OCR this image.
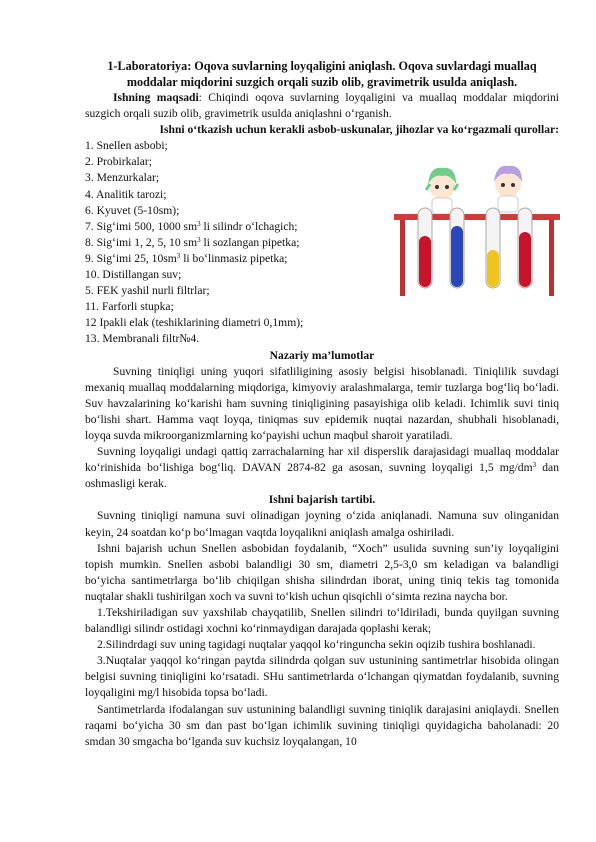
1-Laboratoriya: Oqova suvlarning loyqaligini aniqlash. Oqova suvlardagi muallaq moddalar miqdorini suzgich orqali suzib olib, gravimetrik usulda aniqlash.

Ishning maqsadi: Chiqindi oqova suvlarning loyqaligini va muallaq moddalar miqdorini suzgich orqali suzib olib, gravimetrik usulda aniqlashni o‘rganish.

Ishni o‘tkazish uchun kerakli asbob-uskunalar, jihozlar va ko‘rgazmali qurollar:

1. Snellen asbobi;
2. Probirkalar;
3. Menzurkalar;
4. Analitik tarozi;
6. Kyuvet (5-10sm);
7. Sig‘imi 500, 1000 $sm^3$ li silindr o‘lchagich;
8. Sig‘imi 1, 2, 5, 10 $sm^3$ li sozlangan pipetka;
9. Sig‘imi 25, $10sm^3$ li bo‘linmasiz pipetka;
10. Distillangan suv;
5. FEK yashil nurli filtrlar;
11. Farforli stupka;
12 Ipakli elak (teshiklarining diametri 0,1mm);
13. Membranali filtr№4.

Nazariy ma’lumotlar

Suvning tiniqligi uning yuqori sifatliligining asosiy belgisi hisoblanadi. Tiniqlilik suvdagi mexaniq muallaq moddalarning miqdoriga, kimyoviy aralashmalarga, temir tuzlarga bog‘liq bo‘ladi. Suv havzalarining ko‘karishi ham suvning tiniqligining pasayishiga olib keladi. Ichimlik suvi tiniq bo‘lishi shart. Hamma vaqt loyqa, tiniqmas suv epidemik nuqtai nazardan, shubhali hisoblanadi, loyqa suvda mikroorganizmlarning ko‘payishi uchun maqbul sharoit yaratiladi.

Suvning loyqaligi undagi qattiq zarrachalarning har xil disperslik darajasidagi muallaq moddalar ko‘rinishida bo‘lishiga bog‘liq. DAVAN 2874-82 ga asosan, suvning loyqaligi 1,5 $mg/dm^3$ dan oshmasligi kerak.

Ishni bajarish tartibi.

Suvning tiniqligi namuna suvi olinadigan joyning o‘zida aniqlanadi. Namuna suv olinganidan keyin, 24 soatdan ko‘p bo‘lmagan vaqtda loyqalikni aniqlash amalga oshiriladi.

Ishni bajarish uchun Snellen asbobidan foydalanib, “Xoch” usulida suvning sun’iy loyqaligini topish mumkin. Snellen asbobi balandligi 30 sm, diametri 2,5-3,0 sm keladigan va balandligi bo‘yicha santimetrlarga bo‘lib chiqilgan shisha silindrdan iborat, uning tiniq tekis tag tomonida nuqtalar shakli tushirilgan xoch va suvni to‘kish uchun qisqichli o‘simta rezina naycha bor.

1.Tekshiriladigan suv yaxshilab chayqatilib, Snellen silindri to‘ldiriladi, bunda quyilgan suvning balandligi silindr ostidagi xochni ko‘rinmaydigan darajada qoplashi kerak;

2.Silindrdagi suv uning tagidagi nuqtalar yaqqol ko‘ringuncha sekin oqizib tushira boshlanadi.

3.Nuqtalar yaqqol ko‘ringan paytda silindrda qolgan suv ustunining santimetrlar hisobida olingan belgisi suvning tiniqligini ko‘rsatadi. SHu santimetrlarda o‘lchangan qiymatdan foydalanib, suvning loyqaligini mg/l hisobida topsa bo‘ladi.

Santimetrlarda ifodalangan suv ustunining balandligi suvning tiniqlik darajasini aniqlaydi. Snellen raqami bo‘yicha 30 sm dan past bo‘lgan ichimlik suvining tiniqligi quyidagicha baholanadi: 20 smdan 30 smgacha bo‘lganda suv kuchsiz loyqalangan, 10
